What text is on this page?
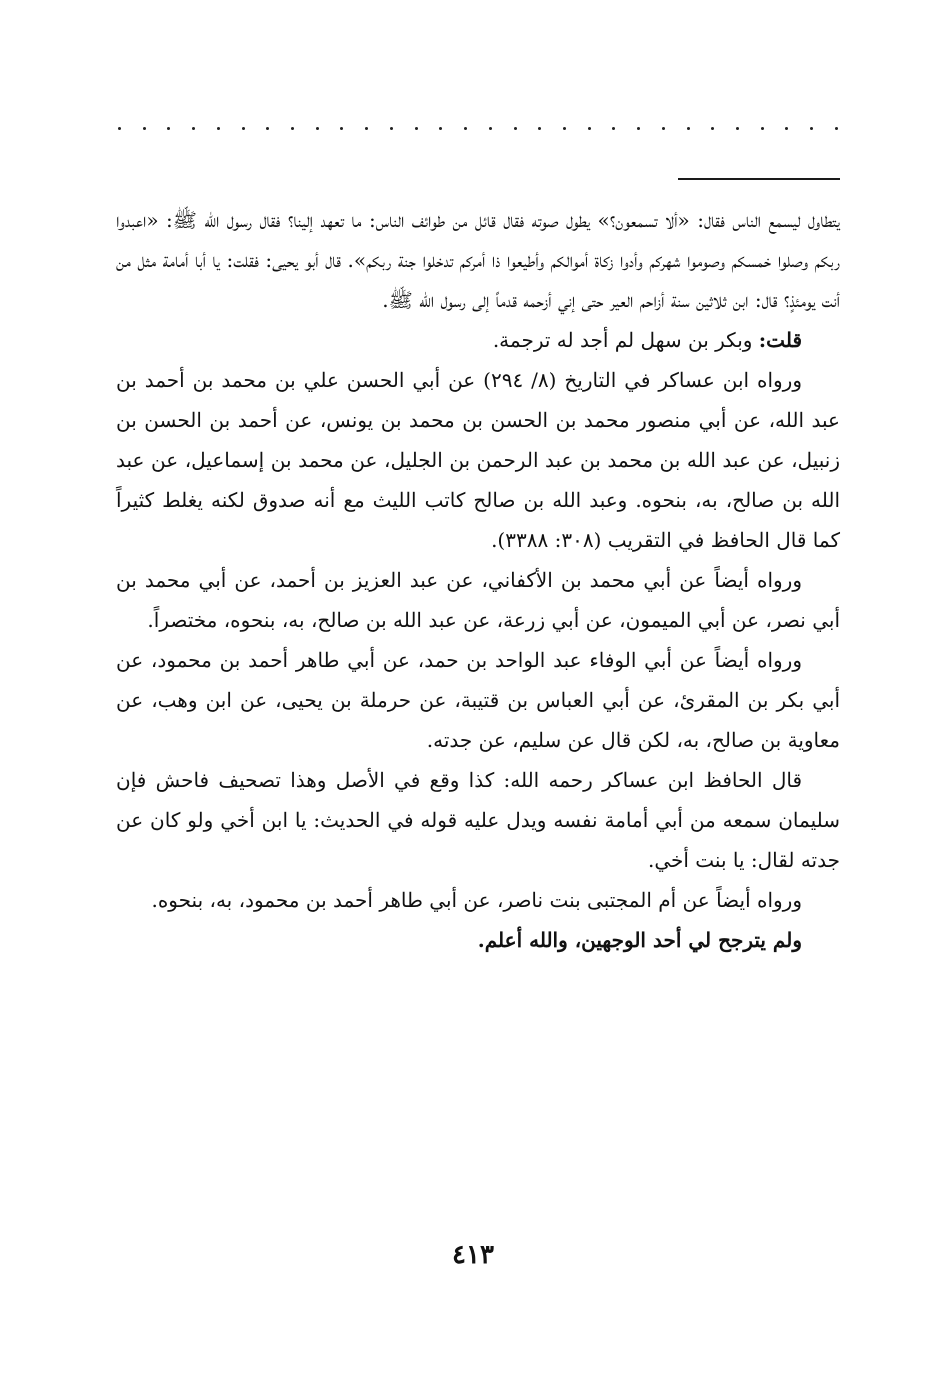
يتطاول ليسمع الناس فقال: «ألا تسمعون؟» يطول صوته فقال قائل من طوائف الناس: ما تعهد إلينا؟ فقال رسول الله ﷺ: «اعبدوا ربكم وصلوا خمسكم وصوموا شهركم وأدوا زكاة أموالكم وأطيعوا ذا أمركم تدخلوا جنة ربكم». قال أبو يحيى: فقلت: يا أبا أمامة مثل من أنت يومئذٍ؟ قال: ابن ثلاثين سنة أزاحم العير حتى إني أزحمه قدماً إلى رسول الله ﷺ.

قلت: وبكر بن سهل لم أجد له ترجمة.

ورواه ابن عساكر في التاريخ (٨/ ٢٩٤) عن أبي الحسن علي بن محمد بن أحمد بن عبد الله، عن أبي منصور محمد بن الحسن بن محمد بن يونس، عن أحمد بن الحسن بن زنبيل، عن عبد الله بن محمد بن عبد الرحمن بن الجليل، عن محمد بن إسماعيل، عن عبد الله بن صالح، به، بنحوه. وعبد الله بن صالح كاتب الليث مع أنه صدوق لكنه يغلط كثيراً كما قال الحافظ في التقريب (٣٠٨: ٣٣٨٨).

ورواه أيضاً عن أبي محمد بن الأكفاني، عن عبد العزيز بن أحمد، عن أبي محمد بن أبي نصر، عن أبي الميمون، عن أبي زرعة، عن عبد الله بن صالح، به، بنحوه، مختصراً.

ورواه أيضاً عن أبي الوفاء عبد الواحد بن حمد، عن أبي طاهر أحمد بن محمود، عن أبي بكر بن المقرئ، عن أبي العباس بن قتيبة، عن حرملة بن يحيى، عن ابن وهب، عن معاوية بن صالح، به، لكن قال عن سليم، عن جدته.

قال الحافظ ابن عساكر رحمه الله: كذا وقع في الأصل وهذا تصحيف فاحش فإن سليمان سمعه من أبي أمامة نفسه ويدل عليه قوله في الحديث: يا ابن أخي ولو كان عن جدته لقال: يا بنت أخي.

ورواه أيضاً عن أم المجتبى بنت ناصر، عن أبي طاهر أحمد بن محمود، به، بنحوه.

ولم يترجح لي أحد الوجهين، والله أعلم.

٤١٣
